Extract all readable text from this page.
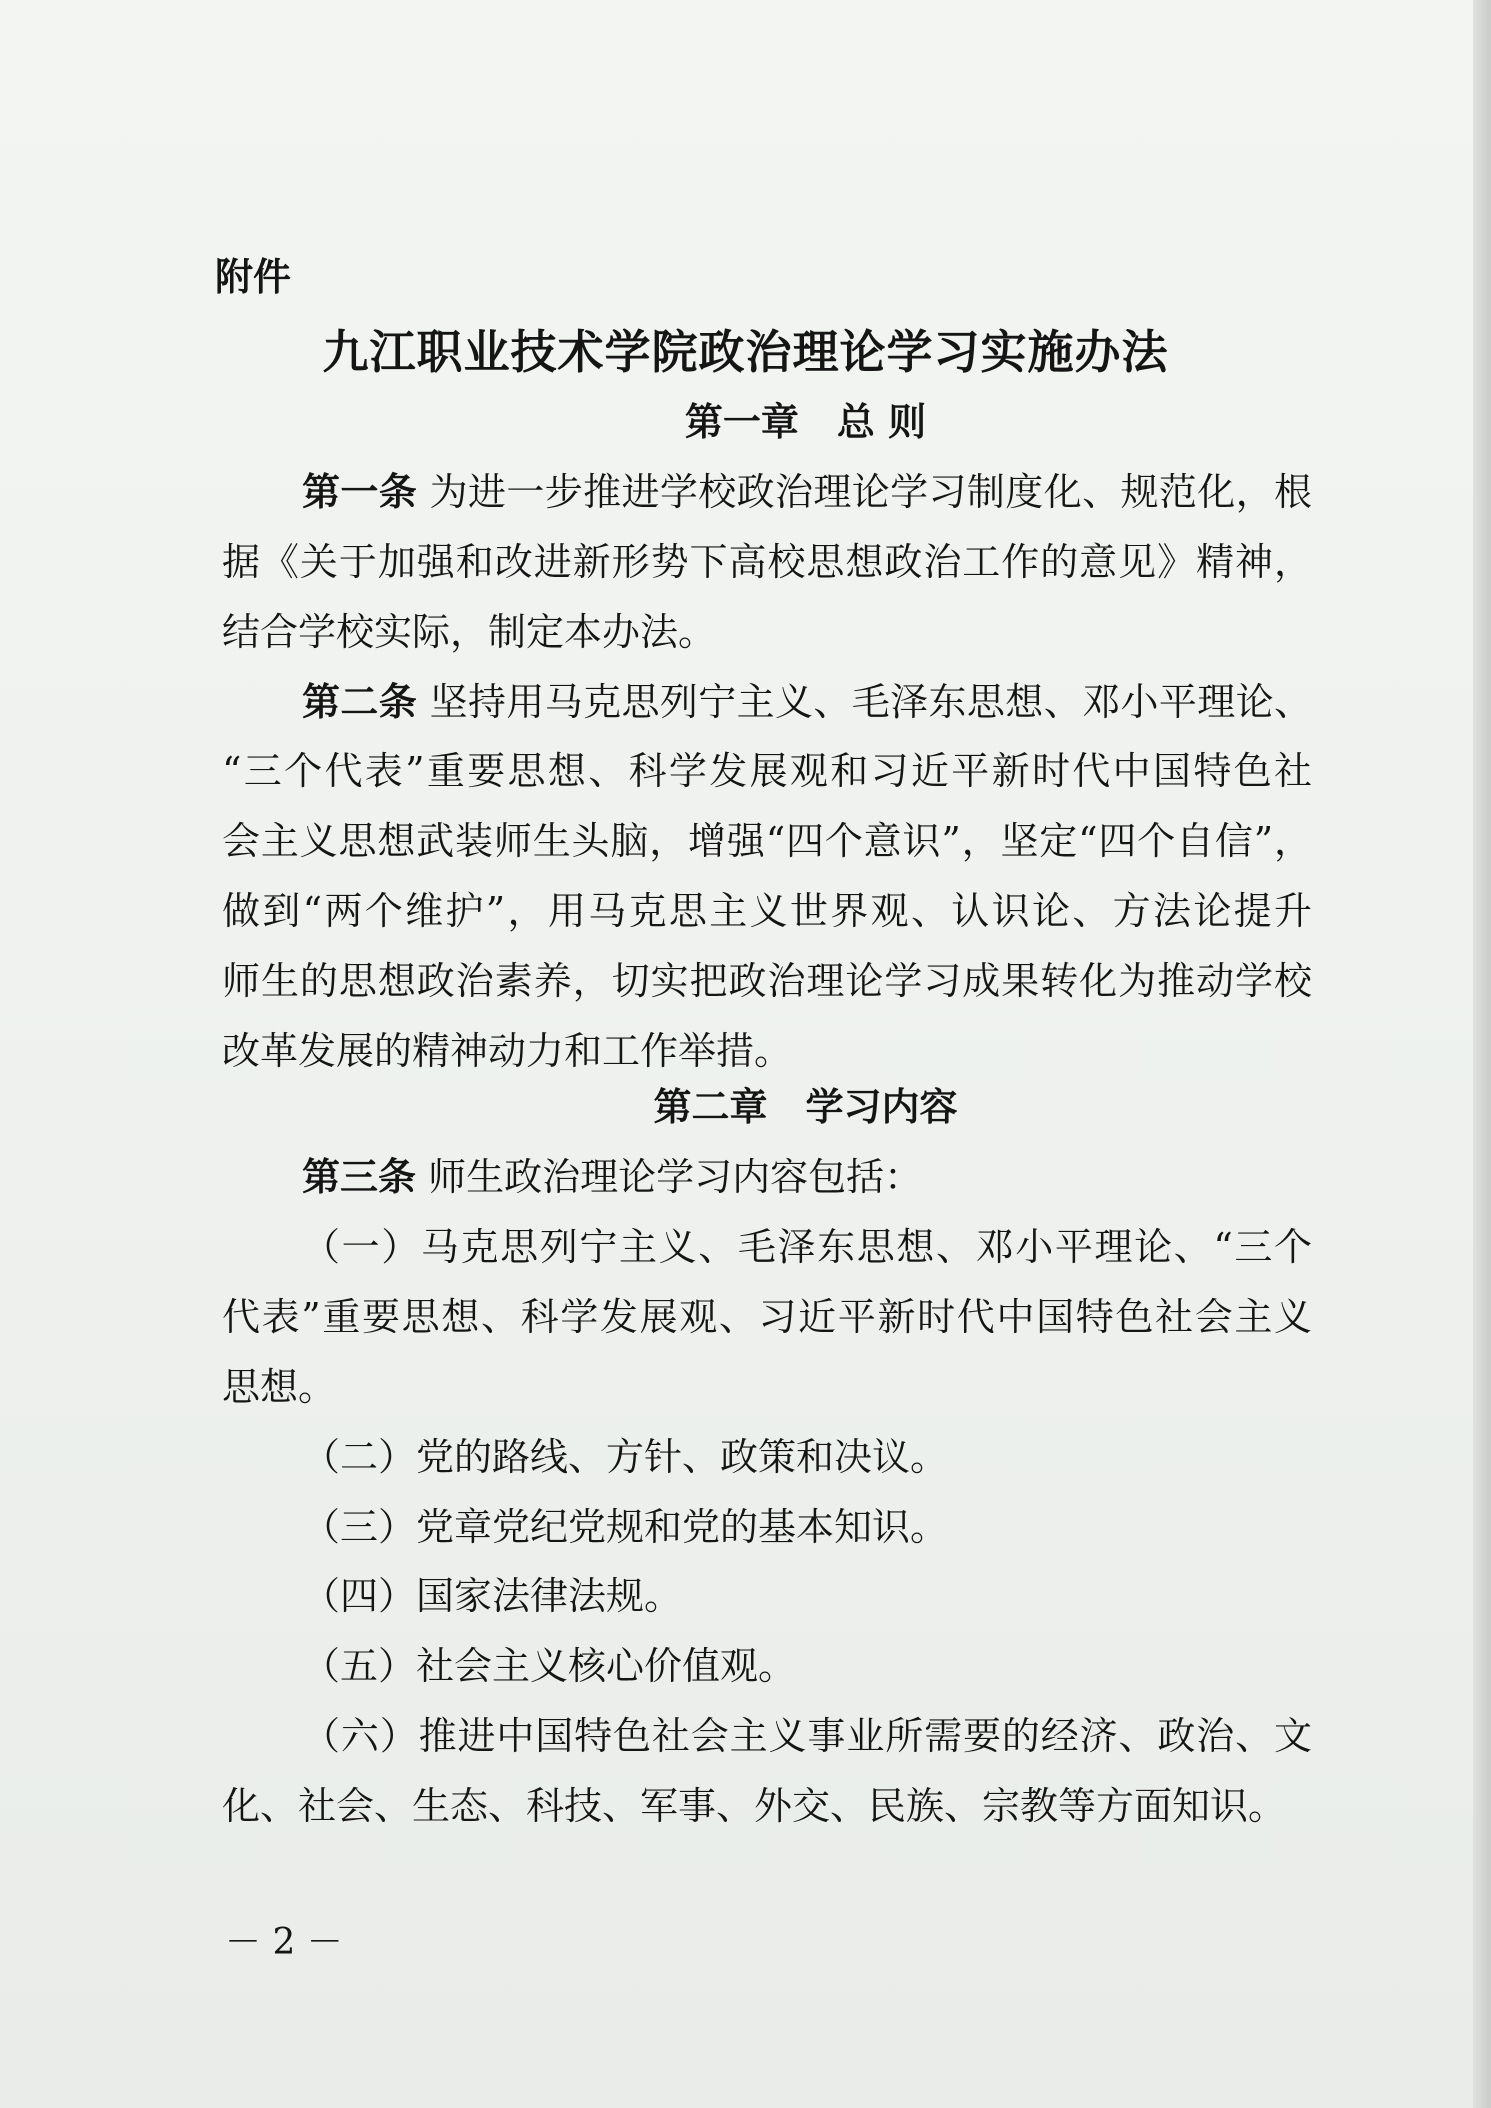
附件
九江职业技术学院政治理论学习实施办法
第一章　总 则
第一条 为进一步推进学校政治理论学习制度化、规范化，根
据《关于加强和改进新形势下高校思想政治工作的意见》精神，
结合学校实际，制定本办法。
第二条 坚持用马克思列宁主义、毛泽东思想、邓小平理论、
“三个代表”重要思想、科学发展观和习近平新时代中国特色社
会主义思想武装师生头脑，增强“四个意识”，坚定“四个自信”，
做到“两个维护”，用马克思主义世界观、认识论、方法论提升
师生的思想政治素养，切实把政治理论学习成果转化为推动学校
改革发展的精神动力和工作举措。
第二章　学习内容
第三条 师生政治理论学习内容包括：
（一）马克思列宁主义、毛泽东思想、邓小平理论、“三个
代表”重要思想、科学发展观、习近平新时代中国特色社会主义
思想。
（二）党的路线、方针、政策和决议。
（三）党章党纪党规和党的基本知识。
（四）国家法律法规。
（五）社会主义核心价值观。
（六）推进中国特色社会主义事业所需要的经济、政治、文
化、社会、生态、科技、军事、外交、民族、宗教等方面知识。
－ 2 －
